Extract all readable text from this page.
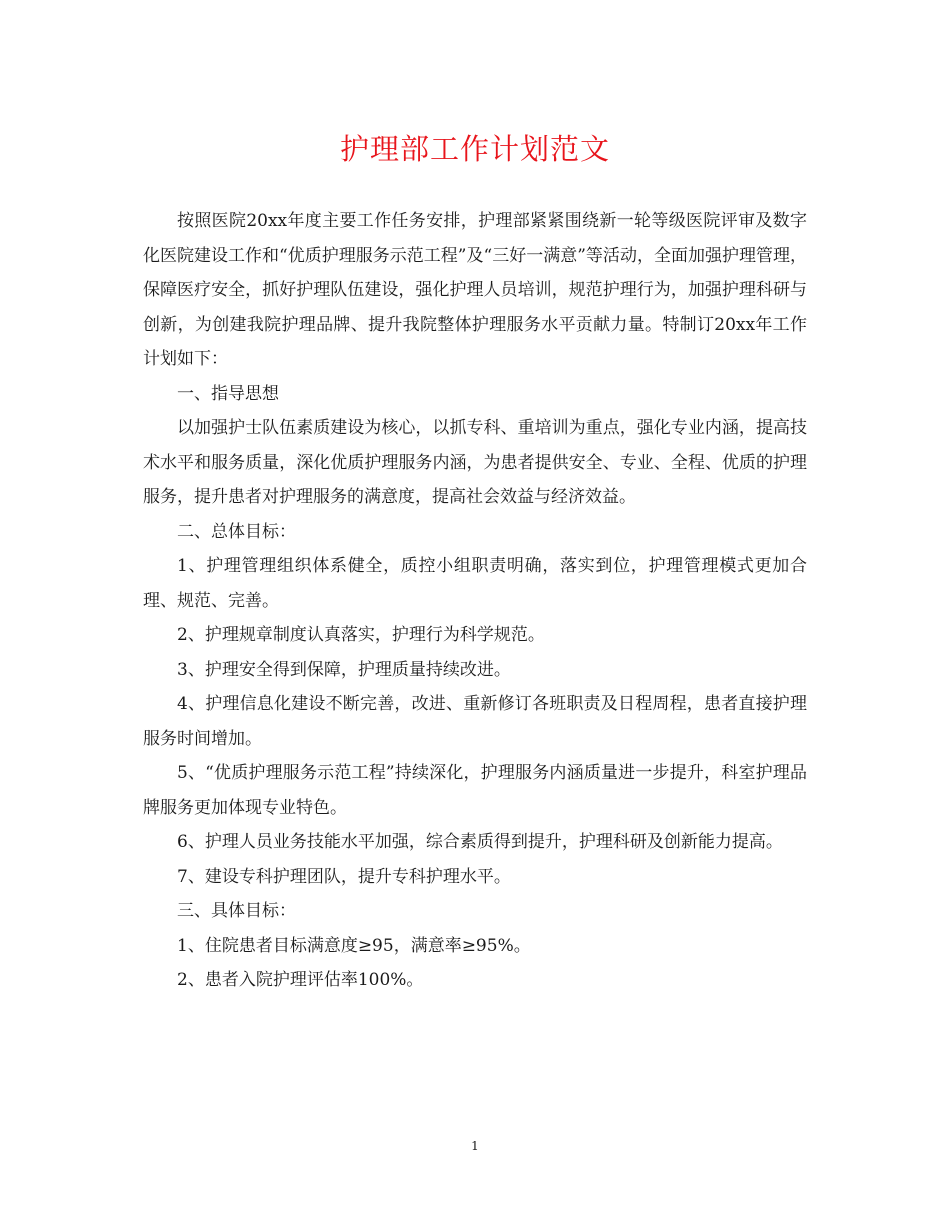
护理部工作计划范文

按照医院20xx年度主要工作任务安排，护理部紧紧围绕新一轮等级医院评审及数字化医院建设工作和“优质护理服务示范工程”及“三好一满意”等活动，全面加强护理管理，保障医疗安全，抓好护理队伍建设，强化护理人员培训，规范护理行为，加强护理科研与创新，为创建我院护理品牌、提升我院整体护理服务水平贡献力量。特制订20xx年工作计划如下：

一、指导思想

以加强护士队伍素质建设为核心，以抓专科、重培训为重点，强化专业内涵，提高技术水平和服务质量，深化优质护理服务内涵，为患者提供安全、专业、全程、优质的护理服务，提升患者对护理服务的满意度，提高社会效益与经济效益。

二、总体目标：

1、护理管理组织体系健全，质控小组职责明确，落实到位，护理管理模式更加合理、规范、完善。

2、护理规章制度认真落实，护理行为科学规范。

3、护理安全得到保障，护理质量持续改进。

4、护理信息化建设不断完善，改进、重新修订各班职责及日程周程，患者直接护理服务时间增加。

5、“优质护理服务示范工程”持续深化，护理服务内涵质量进一步提升，科室护理品牌服务更加体现专业特色。

6、护理人员业务技能水平加强，综合素质得到提升，护理科研及创新能力提高。

7、建设专科护理团队，提升专科护理水平。

三、具体目标：

1、住院患者目标满意度≥95，满意率≥95%。

2、患者入院护理评估率100%。

1
